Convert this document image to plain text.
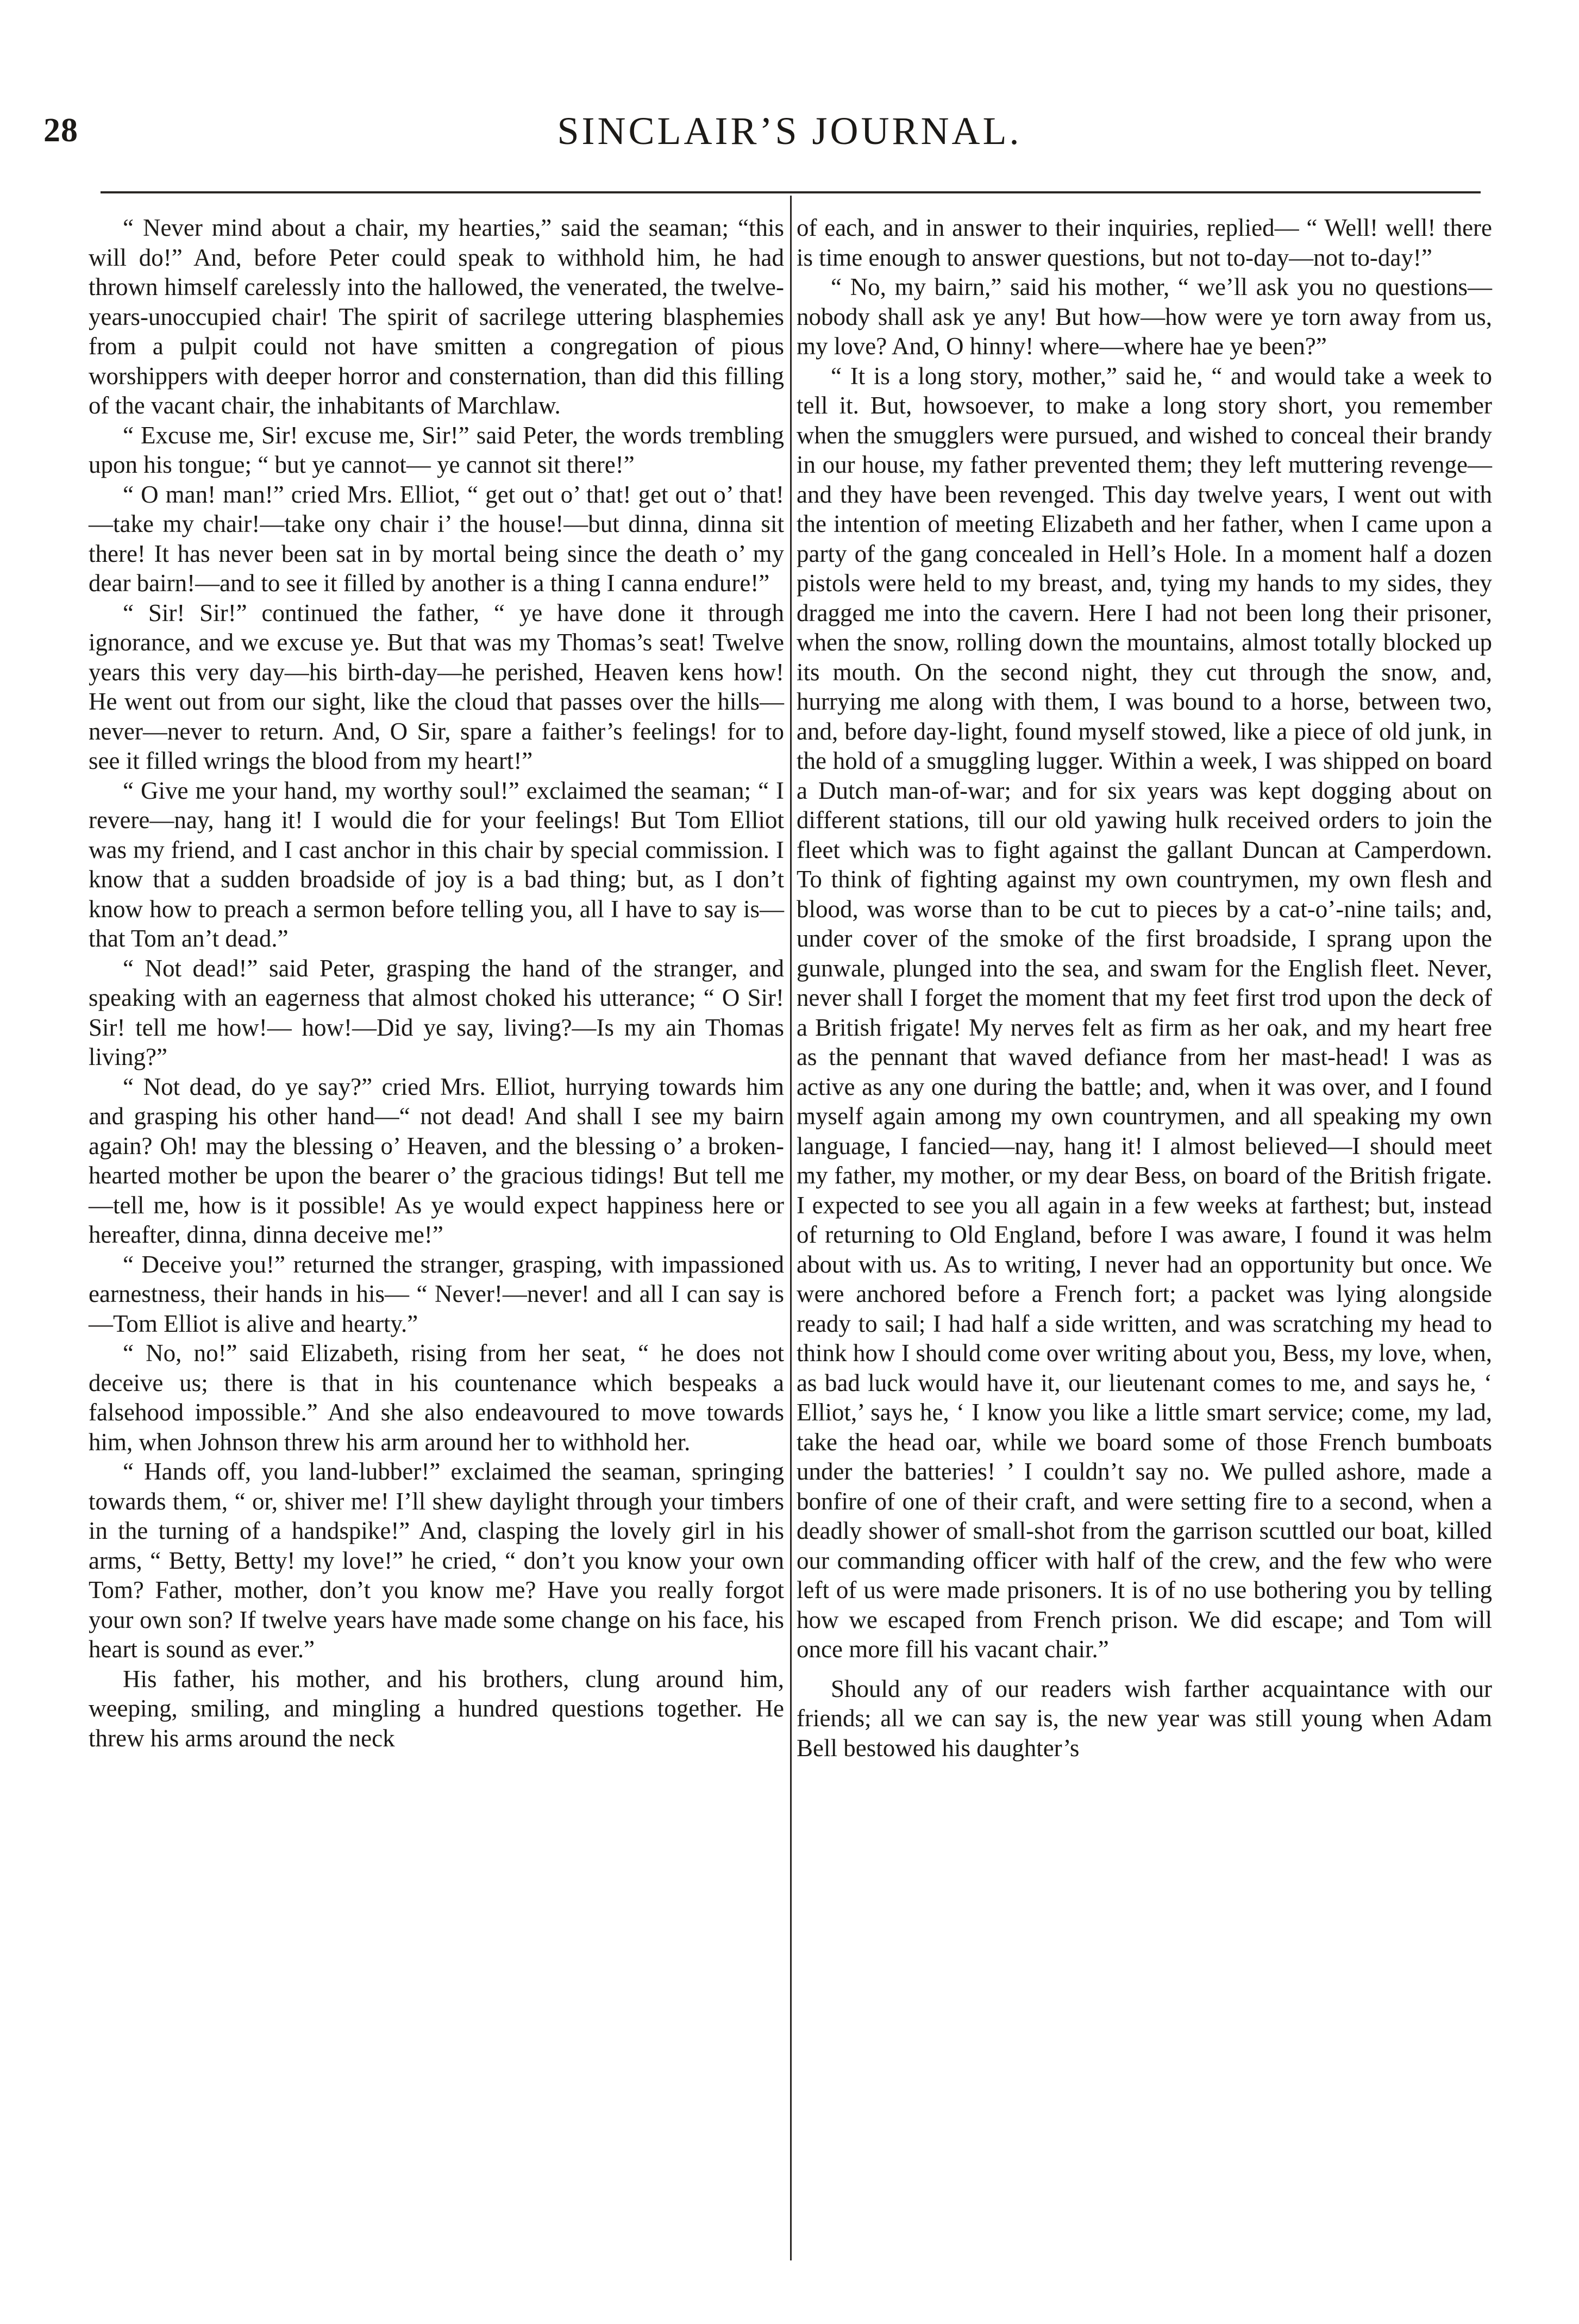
28	SINCLAIR’S JOURNAL.

“ Never mind about a chair, my hearties,” said the seaman; “this will do!” And, before Peter could speak to withhold him, he had thrown himself carelessly into the hallowed, the venerated, the twelve-years-unoccupied chair! The spirit of sacrilege uttering blasphemies from a pulpit could not have smitten a congregation of pious worshippers with deeper horror and consternation, than did this filling of the vacant chair, the inhabitants of Marchlaw.

“ Excuse me, Sir! excuse me, Sir!” said Peter, the words trembling upon his tongue; “ but ye cannot— ye cannot sit there!”

“ O man! man!” cried Mrs. Elliot, “ get out o’ that! get out o’ that!—take my chair!—take ony chair i’ the house!—but dinna, dinna sit there! It has never been sat in by mortal being since the death o’ my dear bairn!—and to see it filled by another is a thing I canna endure!”

“ Sir! Sir!” continued the father, “ ye have done it through ignorance, and we excuse ye. But that was my Thomas’s seat! Twelve years this very day—his birth-day—he perished, Heaven kens how! He went out from our sight, like the cloud that passes over the hills—never—never to return. And, O Sir, spare a faither’s feelings! for to see it filled wrings the blood from my heart!”

“ Give me your hand, my worthy soul!” exclaimed the seaman; “ I revere—nay, hang it! I would die for your feelings! But Tom Elliot was my friend, and I cast anchor in this chair by special commission. I know that a sudden broadside of joy is a bad thing; but, as I don’t know how to preach a sermon before telling you, all I have to say is—that Tom an’t dead.”

“ Not dead!” said Peter, grasping the hand of the stranger, and speaking with an eagerness that almost choked his utterance; “ O Sir! Sir! tell me how!— how!—Did ye say, living?—Is my ain Thomas living?”

“ Not dead, do ye say?” cried Mrs. Elliot, hurrying towards him and grasping his other hand—“ not dead! And shall I see my bairn again? Oh! may the blessing o’ Heaven, and the blessing o’ a broken-hearted mother be upon the bearer o’ the gracious tidings! But tell me—tell me, how is it possible! As ye would expect happiness here or hereafter, dinna, dinna deceive me!”

“ Deceive you!” returned the stranger, grasping, with impassioned earnestness, their hands in his— “ Never!—never! and all I can say is—Tom Elliot is alive and hearty.”

“ No, no!” said Elizabeth, rising from her seat, “ he does not deceive us; there is that in his countenance which bespeaks a falsehood impossible.” And she also endeavoured to move towards him, when Johnson threw his arm around her to withhold her.

“ Hands off, you land-lubber!” exclaimed the seaman, springing towards them, “ or, shiver me! I’ll shew daylight through your timbers in the turning of a handspike!” And, clasping the lovely girl in his arms, “ Betty, Betty! my love!” he cried, “ don’t you know your own Tom? Father, mother, don’t you know me? Have you really forgot your own son? If twelve years have made some change on his face, his heart is sound as ever.”

His father, his mother, and his brothers, clung around him, weeping, smiling, and mingling a hundred questions together. He threw his arms around the neck

of each, and in answer to their inquiries, replied— “ Well! well! there is time enough to answer questions, but not to-day—not to-day!”

“ No, my bairn,” said his mother, “ we’ll ask you no questions—nobody shall ask ye any! But how—how were ye torn away from us, my love? And, O hinny! where—where hae ye been?”

“ It is a long story, mother,” said he, “ and would take a week to tell it. But, howsoever, to make a long story short, you remember when the smugglers were pursued, and wished to conceal their brandy in our house, my father prevented them; they left muttering revenge—and they have been revenged. This day twelve years, I went out with the intention of meeting Elizabeth and her father, when I came upon a party of the gang concealed in Hell’s Hole. In a moment half a dozen pistols were held to my breast, and, tying my hands to my sides, they dragged me into the cavern. Here I had not been long their prisoner, when the snow, rolling down the mountains, almost totally blocked up its mouth. On the second night, they cut through the snow, and, hurrying me along with them, I was bound to a horse, between two, and, before day-light, found myself stowed, like a piece of old junk, in the hold of a smuggling lugger. Within a week, I was shipped on board a Dutch man-of-war; and for six years was kept dogging about on different stations, till our old yawing hulk received orders to join the fleet which was to fight against the gallant Duncan at Camperdown. To think of fighting against my own countrymen, my own flesh and blood, was worse than to be cut to pieces by a cat-o’-nine tails; and, under cover of the smoke of the first broadside, I sprang upon the gunwale, plunged into the sea, and swam for the English fleet. Never, never shall I forget the moment that my feet first trod upon the deck of a British frigate! My nerves felt as firm as her oak, and my heart free as the pennant that waved defiance from her mast-head! I was as active as any one during the battle; and, when it was over, and I found myself again among my own countrymen, and all speaking my own language, I fancied—nay, hang it! I almost believed—I should meet my father, my mother, or my dear Bess, on board of the British frigate. I expected to see you all again in a few weeks at farthest; but, instead of returning to Old England, before I was aware, I found it was helm about with us. As to writing, I never had an opportunity but once. We were anchored before a French fort; a packet was lying alongside ready to sail; I had half a side written, and was scratching my head to think how I should come over writing about you, Bess, my love, when, as bad luck would have it, our lieutenant comes to me, and says he, ‘ Elliot,’ says he, ‘ I know you like a little smart service; come, my lad, take the head oar, while we board some of those French bumboats under the batteries! ’ I couldn’t say no. We pulled ashore, made a bonfire of one of their craft, and were setting fire to a second, when a deadly shower of small-shot from the garrison scuttled our boat, killed our commanding officer with half of the crew, and the few who were left of us were made prisoners. It is of no use bothering you by telling how we escaped from French prison. We did escape; and Tom will once more fill his vacant chair.”

Should any of our readers wish farther acquaintance with our friends; all we can say is, the new year was still young when Adam Bell bestowed his daughter’s
